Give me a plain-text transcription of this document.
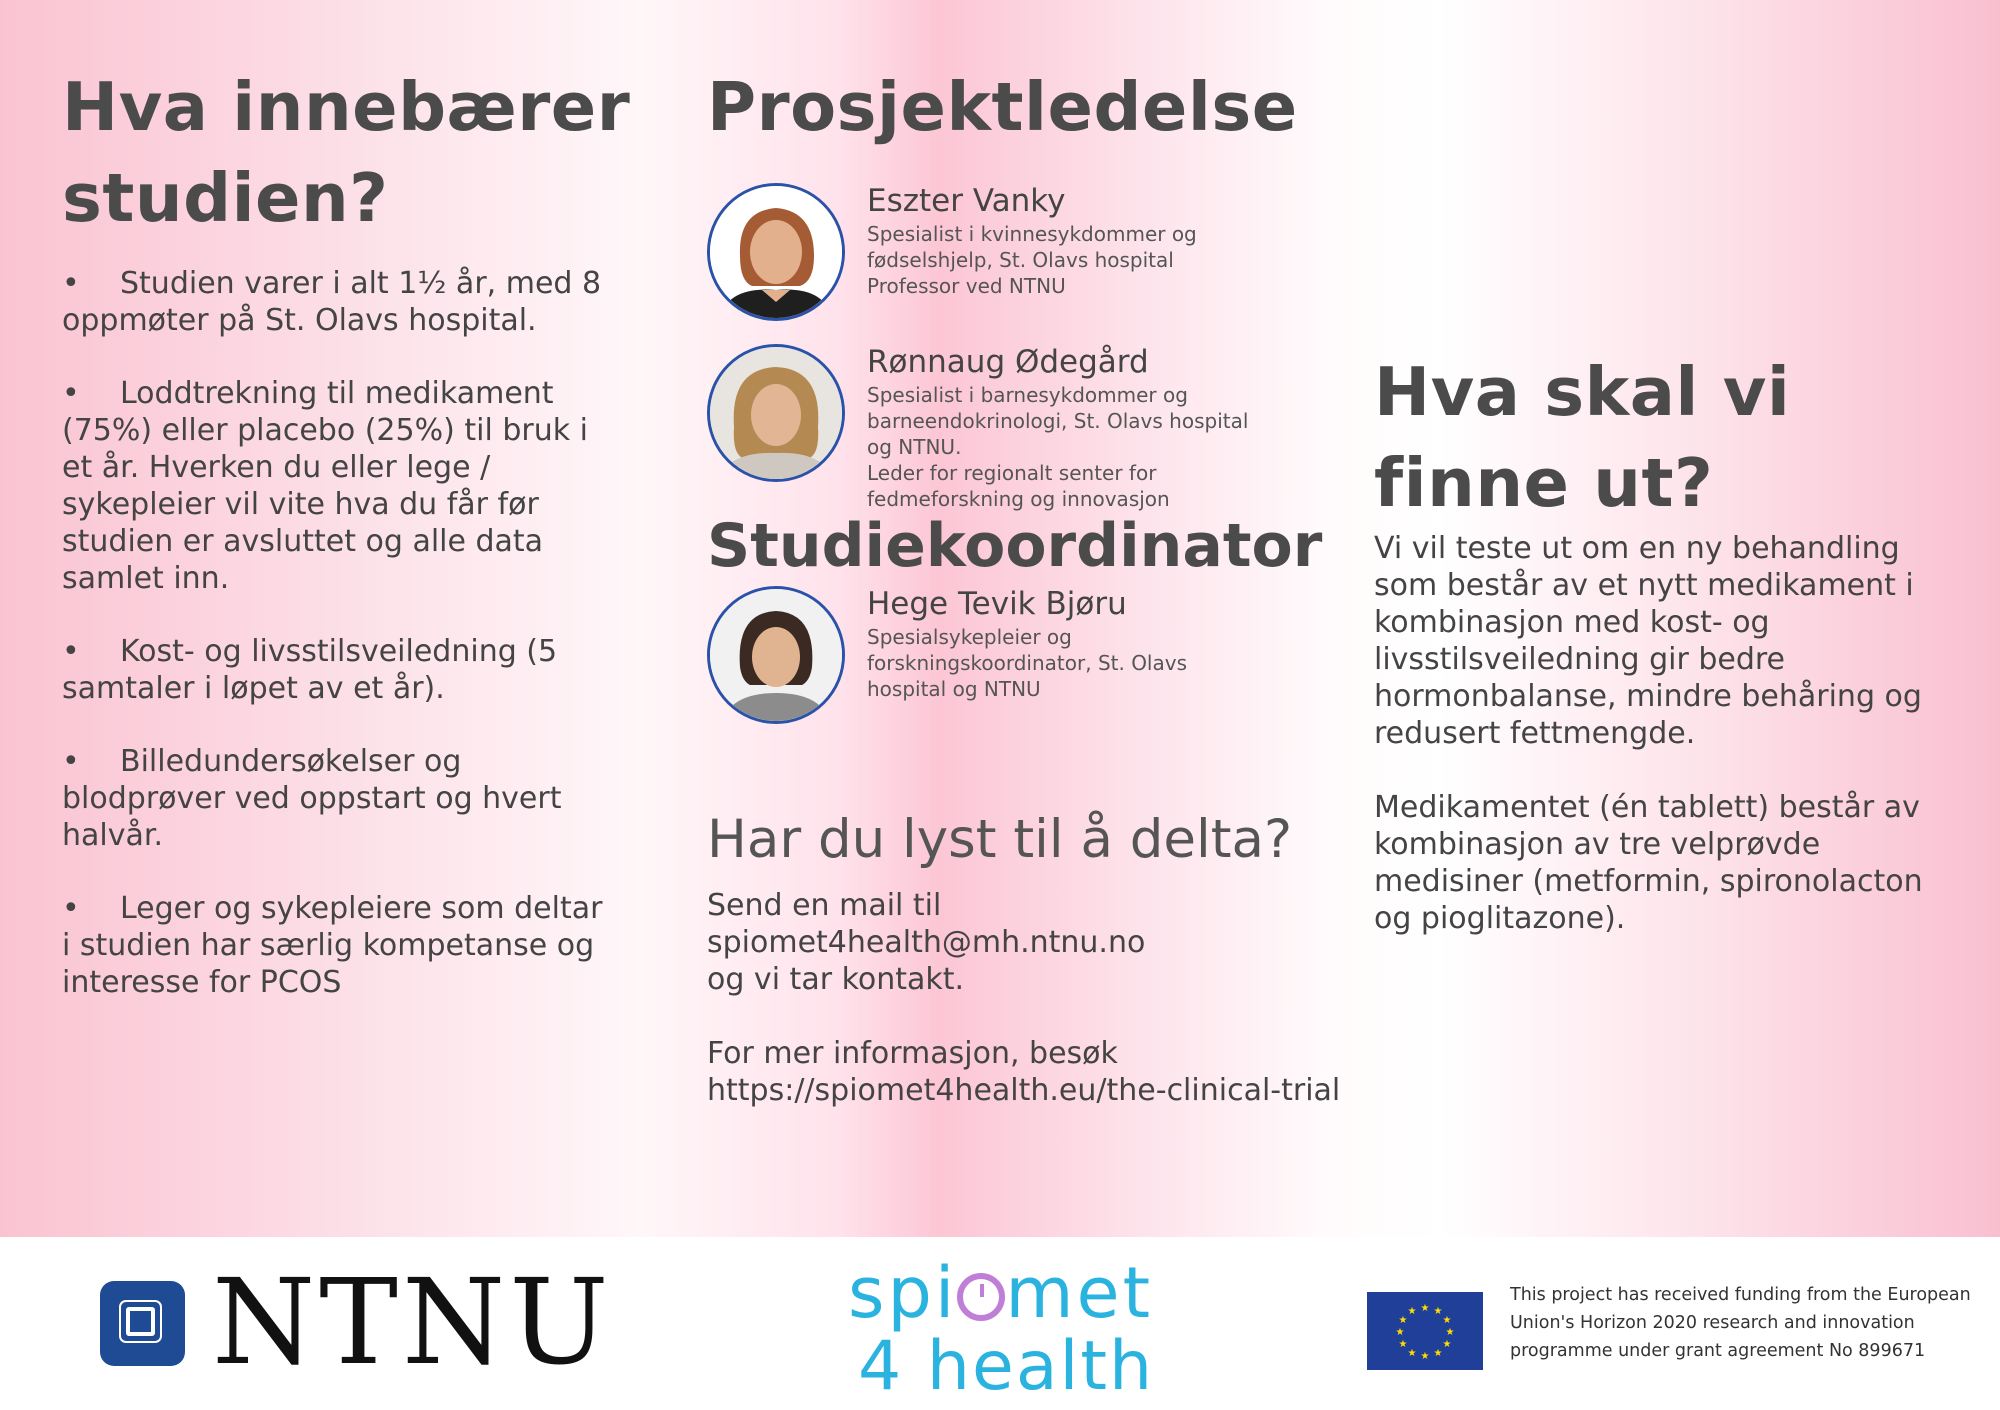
Hva innebærer
studien?
• Studien varer i alt 1½ år, med 8 oppmøter på St. Olavs hospital.
• Loddtrekning til medikament (75%) eller placebo (25%) til bruk i et år. Hverken du eller lege / sykepleier vil vite hva du får før studien er avsluttet og alle data samlet inn.
• Kost- og livsstilsveiledning (5 samtaler i løpet av et år).
• Billedundersøkelser og blodprøver ved oppstart og hvert halvår.
• Leger og sykepleiere som deltar i studien har særlig kompetanse og interesse for PCOS
Prosjektledelse
Eszter Vanky
Spesialist i kvinnesykdommer og
fødselshjelp, St. Olavs hospital
Professor ved NTNU
Rønnaug Ødegård
Spesialist i barnesykdommer og
barneendokrinologi, St. Olavs hospital
og NTNU.
Leder for regionalt senter for
fedmeforskning og innovasjon
Studiekoordinator
Hege Tevik Bjøru
Spesialsykepleier og
forskningskoordinator, St. Olavs
hospital og NTNU
Har du lyst til å delta?

Send en mail til

spiomet4health@mh.ntnu.no

og vi tar kontakt.

For mer informasjon, besøk

https://spiomet4health.eu/the-clinical-trial

Hva skal vi
finne ut?

Vi vil teste ut om en ny behandling som består av et nytt medikament i kombinasjon med kost- og livsstilsveiledning gir bedre hormonbalanse, mindre behåring og redusert fettmengde.

Medikamentet (én tablett) består av kombinasjon av tre velprøvde medisiner (metformin, spironolacton og pioglitazone).

NTNU	spi met
4 health
★ ★
★
★
★
★
★
★
★
★
★
★
This project has received funding from the European Union's Horizon 2020 research and innovation programme under grant agreement No 899671
